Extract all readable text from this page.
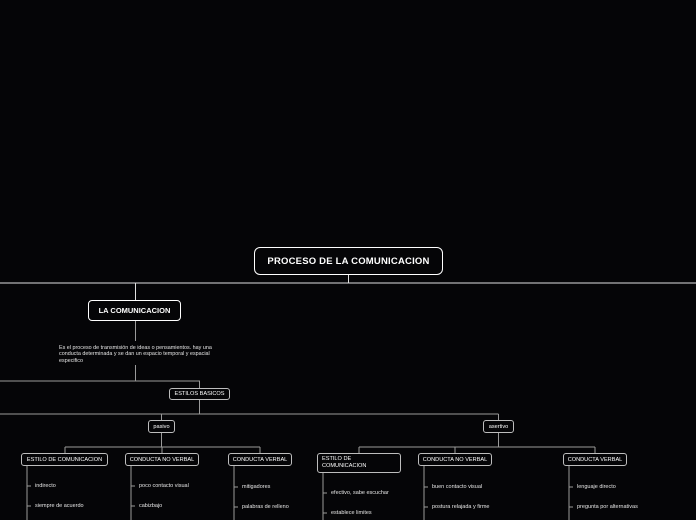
PROCESO DE LA COMUNICACION
LA COMUNICACION
Es el proceso de transmisión de ideas o pensamientos. hay una conducta determinada y se dan un espacio temporal y espacial especifico
ESTILOS BASICOS
pasivo	asertivo
ESTILO DE COMUNICACION	CONDUCTA NO VERBAL	CONDUCTA VERBAL	ESTILO DE COMUNICACION
CONDUCTA NO VERBAL	CONDUCTA VERBAL
indirecto
siempre de acuerdo
poco contacto visual
cabizbajo
mitigadores
palabras de relleno
efectivo, sabe escuchar
establece limites
buen contacto visual
postura relajada y firme
lenguaje directo
pregunta por alternativas
